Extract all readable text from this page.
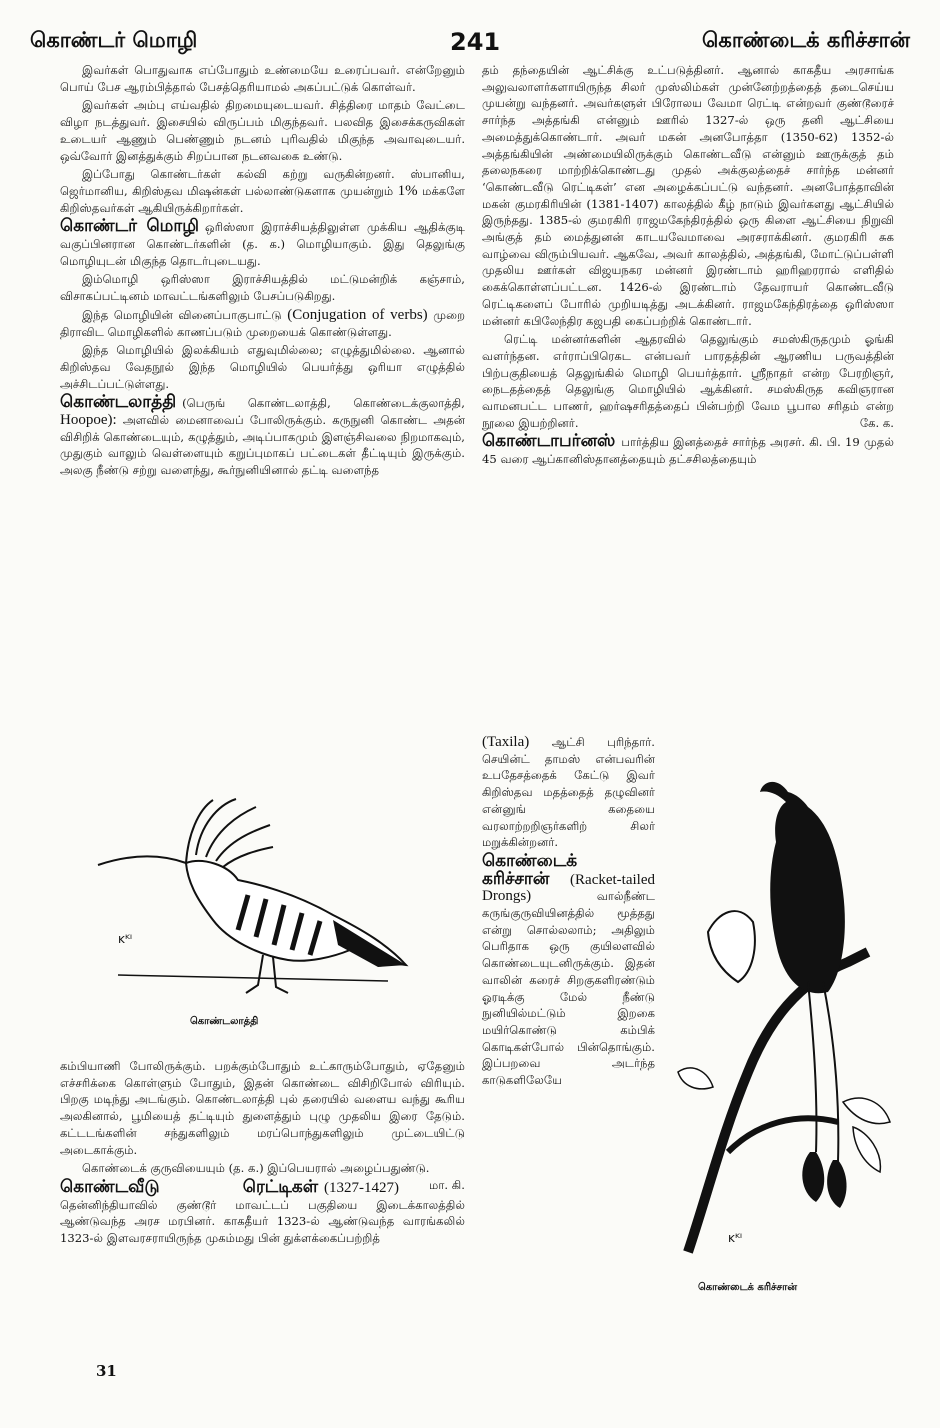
கொண்டர் மொழி	241	கொண்டைக் கரிச்சான்

இவர்கள் பொதுவாக எப்போதும் உண்மையே உரைப்பவர். என்றேனும் பொய் பேச ஆரம்பித்தால் பேசத்தெரியாமல் அகப்பட்டுக் கொள்வர்.

இவர்கள் அம்பு எய்வதில் திறமையுடையவர். சித்திரை மாதம் வேட்டை விழா நடத்துவர். இசையில் விருப்பம் மிகுந்தவர். பலவித இசைக்கருவிகள் உடையர் ஆணும் பெண்ணும் நடனம் புரிவதில் மிகுந்த அவாவுடையர். ஒவ்வோர் இனத்துக்கும் சிறப்பான நடனவகை உண்டு.

இப்போது கொண்டர்கள் கல்வி கற்று வருகின்றனர். ஸ்பானிய, ஜெர்மானிய, கிறிஸ்தவ மிஷன்கள் பல்லாண்டுகளாக முயன்றும் 1% மக்களே கிறிஸ்தவர்கள் ஆகியிருக்கிறார்கள்.

கொண்டர் மொழி ஒரிஸ்ஸா இராச்சியத்திலுள்ள முக்கிய ஆதிக்குடி வகுப்பினரான கொண்டர்களின் (த. க.) மொழியாகும். இது தெலுங்கு மொழியுடன் மிகுந்த தொடர்புடையது.

இம்மொழி ஒரிஸ்ஸா இராச்சியத்தில் மட்டுமன்றிக் கஞ்சாம், விசாகப்பட்டினம் மாவட்டங்களிலும் பேசப்படுகிறது.

இந்த மொழியின் வினைப்பாகுபாட்டு (Conjugation of verbs) முறை திராவிட மொழிகளில் காணப்படும் முறையைக் கொண்டுள்ளது.

இந்த மொழியில் இலக்கியம் எதுவுமில்லை; எழுத்துமில்லை. ஆனால் கிறிஸ்தவ வேதநூல் இந்த மொழியில் பெயர்த்து ஒரியா எழுத்தில் அச்சிடப்பட்டுள்ளது.

கொண்டலாத்தி (பெருங் கொண்டலாத்தி, கொண்டைக்குலாத்தி, Hoopoe): அளவில் மைனாவைப் போலிருக்கும். கருநுனி கொண்ட அதன் விசிறிக் கொண்டையும், கழுத்தும், அடிப்பாகமும் இளஞ்சிவலை நிறமாகவும், முதுகும் வாலும் வெள்ளையும் கறுப்புமாகப் பட்டைகள் தீட்டியும் இருக்கும். அலகு நீண்டு சற்று வளைந்து, கூர்நுனியினால் தட்டி வளைந்த

ᴋᴷᴵ
கொண்டலாத்தி

கம்பியாணி போலிருக்கும். பறக்கும்போதும் உட்காரும்போதும், ஏதேனும் எச்சரிக்கை கொள்ளும் போதும், இதன் கொண்டை விசிறிபோல் விரியும். பிறகு மடிந்து அடங்கும். கொண்டலாத்தி புல் தரையில் வளைய வந்து கூரிய அலகினால், பூமியைத் தட்டியும் துளைத்தும் புழு முதலிய இரை தேடும். கட்டடங்களின் சந்துகளிலும் மரப்பொந்துகளிலும் முட்டையிட்டு அடைகாக்கும்.

கொண்டைக் குருவியையும் (த. க.) இப்பெயரால் அழைப்பதுண்டு.
மா. கி.

கொண்டவீடு ரெட்டிகள் (1327-1427) தென்னிந்தியாவில் குண்டூர் மாவட்டப் பகுதியை இடைக்காலத்தில் ஆண்டுவந்த அரச மரபினர். காகதீயர் 1323-ல் ஆண்டுவந்த வாரங்கலில் 1323-ல் இளவரசராயிருந்த முகம்மது பின் துக்ளக்கைப்பற்றித்

தம் தந்தையின் ஆட்சிக்கு உட்படுத்தினர். ஆனால் காகதீய அரசாங்க அலுவலாளர்களாயிருந்த சிலர் முஸ்லிம்கள் முன்னேற்றத்தைத் தடைசெய்ய முயன்று வந்தனர். அவர்களுள் பிரோலய வேமா ரெட்டி என்றவர் குண்டூரைச் சார்ந்த அத்தங்கி என்னும் ஊரில் 1327-ல் ஒரு தனி ஆட்சியை அமைத்துக்கொண்டார். அவர் மகன் அனபோத்தா (1350-62) 1352-ல் அத்தங்கியின் அண்மையிலிருக்கும் கொண்டவீடு என்னும் ஊருக்குத் தம் தலைநகரை மாற்றிக்கொண்டது முதல் அக்குலத்தைச் சார்ந்த மன்னர் ‘கொண்டவீடு ரெட்டிகள்’ என அழைக்கப்பட்டு வந்தனர். அனபோத்தாவின் மகன் குமரகிரியின் (1381-1407) காலத்தில் கீழ் நாடும் இவர்களது ஆட்சியில் இருந்தது. 1385-ல் குமரகிரி ராஜமகேந்திரத்தில் ஒரு கிளை ஆட்சியை நிறுவி அங்குத் தம் மைத்துனன் காடயவேமாவை அரசராக்கினர். குமரகிரி சுக வாழ்வை விரும்பியவர். ஆகவே, அவர் காலத்தில், அத்தங்கி, மோட்டுப்பள்ளி முதலிய ஊர்கள் விஜயநகர மன்னர் இரண்டாம் ஹரிஹரரால் எளிதில் கைக்கொள்ளப்பட்டன. 1426-ல் இரண்டாம் தேவராயர் கொண்டவீடு ரெட்டிகளைப் போரில் முறியடித்து அடக்கினர். ராஜமகேந்திரத்தை ஒரிஸ்ஸா மன்னர் கபிலேந்திர கஜபதி கைப்பற்றிக் கொண்டார்.

ரெட்டி மன்னர்களின் ஆதரவில் தெலுங்கும் சமஸ்கிருதமும் ஓங்கி வளர்ந்தன. எர்ராப்பிரெகட என்பவர் பாரதத்தின் ஆரணிய பருவத்தின் பிற்பகுதியைத் தெலுங்கில் மொழி பெயர்த்தார். ஸ்ரீநாதர் என்ற பேரறிஞர், நைடதத்தைத் தெலுங்கு மொழியில் ஆக்கினர். சமஸ்கிருத கவிஞரான வாமனபட்ட பாணர், ஹர்ஷசரிதத்தைப் பின்பற்றி வேம பூபால சரிதம் என்ற நூலை இயற்றினர்.	கே. க.

கொண்டாபர்னஸ் பார்த்திய இனத்தைச் சார்ந்த அரசர். கி. பி. 19 முதல் 45 வரை ஆப்கானிஸ்தானத்தையும் தட்சசிலத்தையும்

(Taxila) ஆட்சி புரிந்தார். செயின்ட் தாமஸ் என்பவரின் உபதேசத்தைக் கேட்டு இவர் கிறிஸ்தவ மதத்தைத் தழுவினர் என்னுங் கதையை வரலாற்றறிஞர்களிற் சிலர் மறுக்கின்றனர்.

கொண்டைக் கரிச்சான் (Racket-tailed Drongs)	வால்நீண்ட கருங்குருவியினத்தில் மூத்தது என்று சொல்லலாம்; அதிலும் பெரிதாக ஒரு குயிலளவில் கொண்டையுடனிருக்கும். இதன் வாலின் கரைச் சிறகுகளிரண்டும் ஓரடிக்கு மேல் நீண்டு நுனியில்மட்டும் இறகை மயிர்கொண்டு கம்பிக் கொடிகள்போல் பின்தொங்கும். இப்பறவை அடர்ந்த காடுகளிலேயே

ᴋᴷᴵ
கொண்டைக் கரிச்சான்
31
